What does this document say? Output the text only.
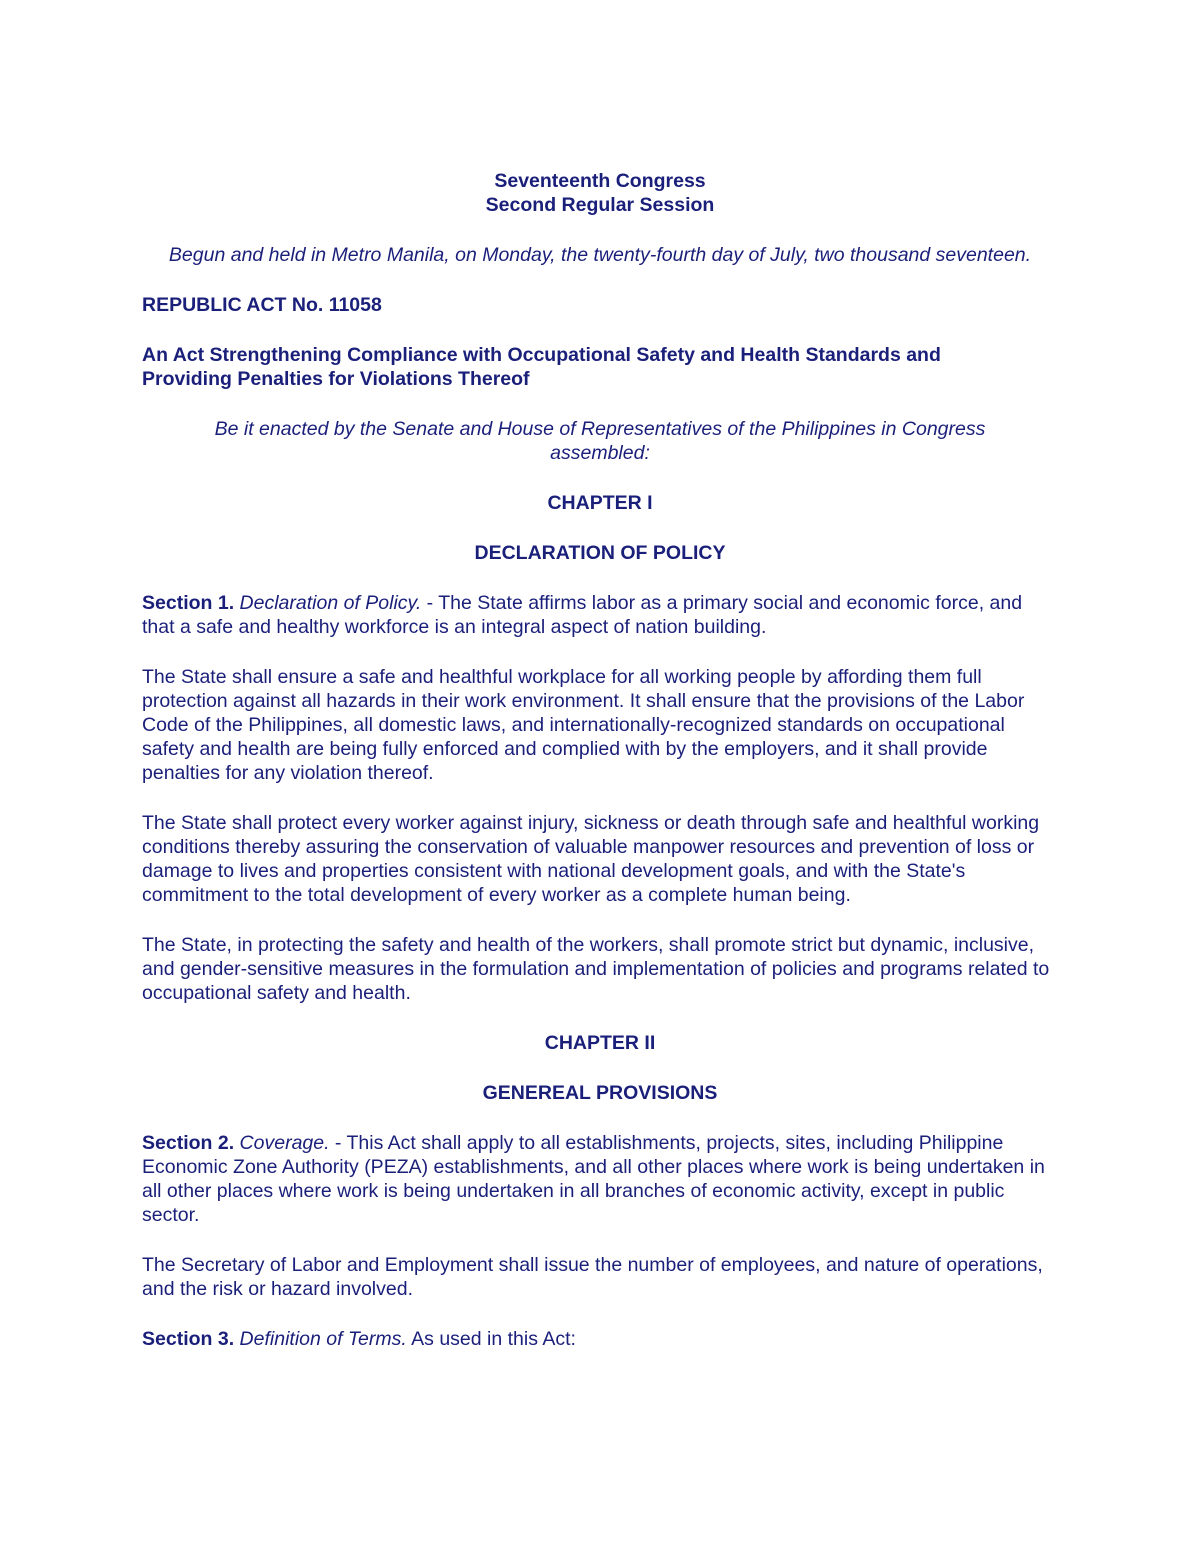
Seventeenth Congress

Second Regular Session

Begun and held in Metro Manila, on Monday, the twenty-fourth day of July, two thousand seventeen.

REPUBLIC ACT No. 11058

An Act Strengthening Compliance with Occupational Safety and Health Standards and

Providing Penalties for Violations Thereof

Be it enacted by the Senate and House of Representatives of the Philippines in Congress

assembled:

CHAPTER I

DECLARATION OF POLICY

Section 1. Declaration of Policy. - The State affirms labor as a primary social and economic force, and that a safe and healthy workforce is an integral aspect of nation building.

The State shall ensure a safe and healthful workplace for all working people by affording them full protection against all hazards in their work environment. It shall ensure that the provisions of the Labor Code of the Philippines, all domestic laws, and internationally-recognized standards on occupational safety and health are being fully enforced and complied with by the employers, and it shall provide penalties for any violation thereof.

The State shall protect every worker against injury, sickness or death through safe and healthful working conditions thereby assuring the conservation of valuable manpower resources and prevention of loss or damage to lives and properties consistent with national development goals, and with the State's commitment to the total development of every worker as a complete human being.

The State, in protecting the safety and health of the workers, shall promote strict but dynamic, inclusive, and gender-sensitive measures in the formulation and implementation of policies and programs related to occupational safety and health.

CHAPTER II

GENEREAL PROVISIONS

Section 2. Coverage. - This Act shall apply to all establishments, projects, sites, including Philippine Economic Zone Authority (PEZA) establishments, and all other places where work is being undertaken in all other places where work is being undertaken in all branches of economic activity, except in public sector.

The Secretary of Labor and Employment shall issue the number of employees, and nature of operations, and the risk or hazard involved.

Section 3. Definition of Terms. As used in this Act:
